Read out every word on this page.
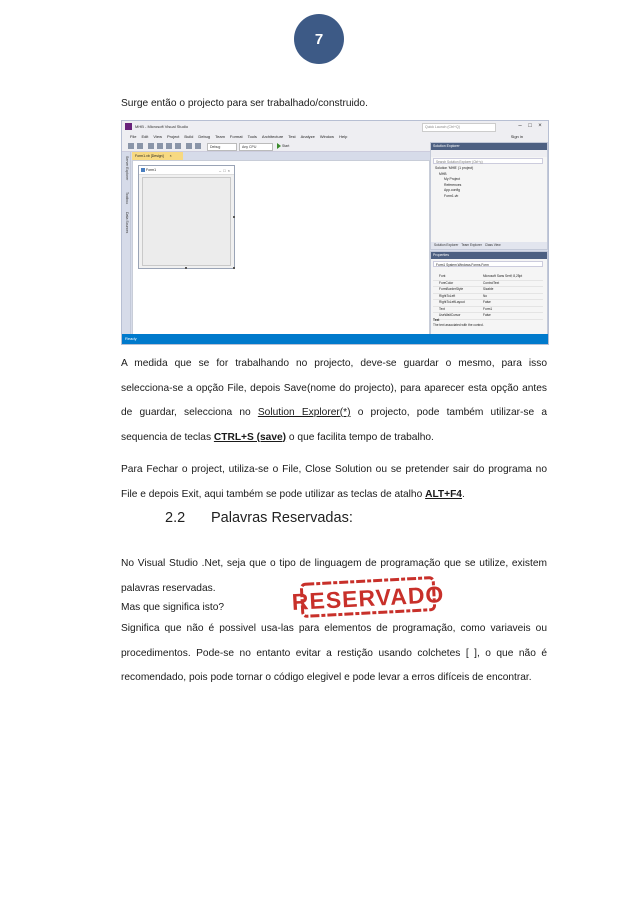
7
Surge então o projecto para ser trabalhado/construido.
MHB - Microsoft Visual Studio	Quick Launch (Ctrl+Q)	–	□	×
File Edit View Project Build Debug Team Format Tools Architecture Test Analyze Window Help	Sign in
Debug	Any CPU	Start
Server Explorer
Toolbox
Data Sources
Form1.vb [Design] ×
Form1	–□×
Solution Explorer
Search Solution Explorer (Ctrl+ç)
Solution 'MHB' (1 project)
MHB
My Project
References
App.config
Form1.vb
Solution Explorer Team Explorer Class View
Properties
Form1 System.Windows.Forms.Form
Font	Microsoft Sans Serif; 8,25pt
ForeColor	ControlText
FormBorderStyle	Sizable
RightToLeft	No
RightToLeftLayout	False
Text	Form1
UseWaitCursor	False
Text
The text associated with the control.
Ready
A medida que se for trabalhando no projecto, deve-se guardar o mesmo, para isso selecciona-se a opção File, depois Save(nome do projecto), para aparecer esta opção antes de guardar, selecciona no Solution Explorer(*) o projecto, pode também utilizar-se a sequencia de teclas CTRL+S (save) o que facilita tempo de trabalho.
Para Fechar o project, utiliza-se o File, Close Solution ou se pretender sair do programa no File e depois Exit, aqui também se pode utilizar as teclas de atalho ALT+F4.
2.2 Palavras Reservadas:
No Visual Studio .Net, seja que o tipo de linguagem de programação que se utilize, existem palavras reservadas.
Mas que significa isto?	RESERVADO
Significa que não é possivel usa-las para elementos de programação, como variaveis ou procedimentos. Pode-se no entanto evitar a restição usando colchetes [ ], o que não é recomendado, pois pode tornar o código elegivel e pode levar a erros difíceis de encontrar.
